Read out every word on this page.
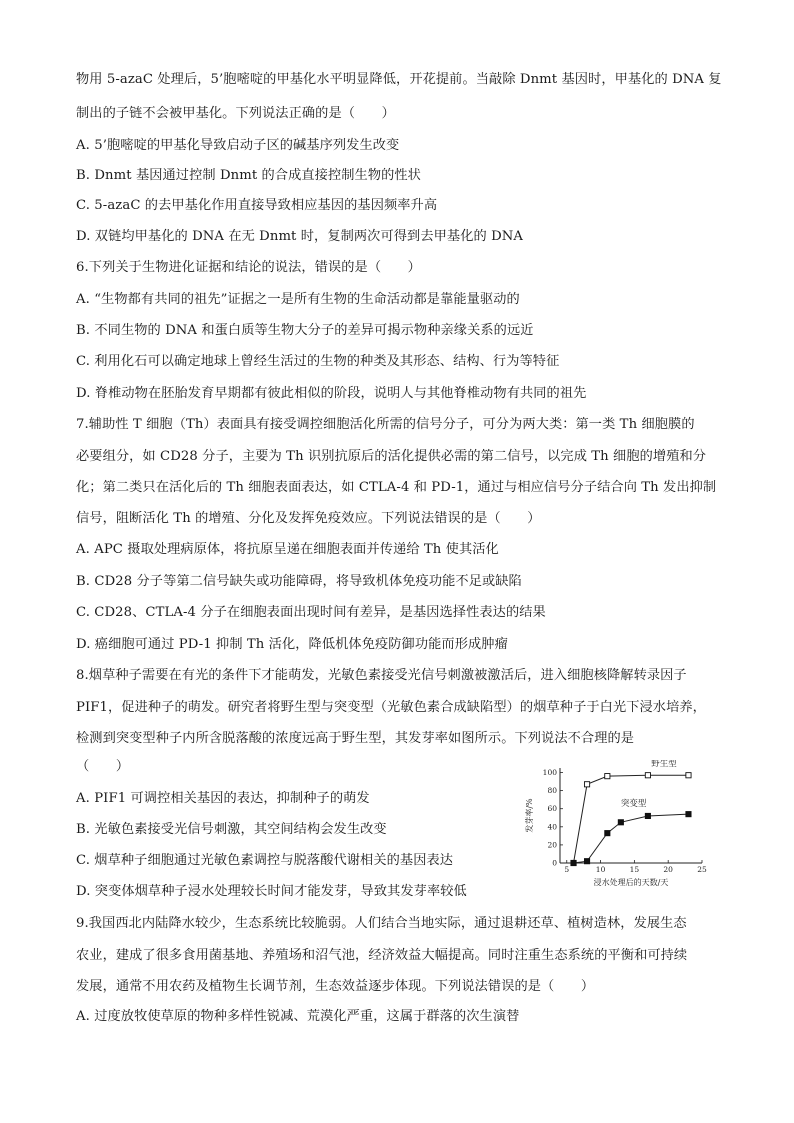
物用 5-azaC 处理后，5’胞嘧啶的甲基化水平明显降低，开花提前。当敲除 Dnmt 基因时，甲基化的 DNA 复
制出的子链不会被甲基化。下列说法正确的是（　　）
A. 5’胞嘧啶的甲基化导致启动子区的碱基序列发生改变
B. Dnmt 基因通过控制 Dnmt 的合成直接控制生物的性状
C. 5-azaC 的去甲基化作用直接导致相应基因的基因频率升高
D. 双链均甲基化的 DNA 在无 Dnmt 时，复制两次可得到去甲基化的 DNA
6.下列关于生物进化证据和结论的说法，错误的是（　　）
A. “生物都有共同的祖先”证据之一是所有生物的生命活动都是靠能量驱动的
B. 不同生物的 DNA 和蛋白质等生物大分子的差异可揭示物种亲缘关系的远近
C. 利用化石可以确定地球上曾经生活过的生物的种类及其形态、结构、行为等特征
D. 脊椎动物在胚胎发育早期都有彼此相似的阶段，说明人与其他脊椎动物有共同的祖先
7.辅助性 T 细胞（Th）表面具有接受调控细胞活化所需的信号分子，可分为两大类：第一类 Th 细胞膜的
必要组分，如 CD28 分子，主要为 Th 识别抗原后的活化提供必需的第二信号，以完成 Th 细胞的增殖和分
化；第二类只在活化后的 Th 细胞表面表达，如 CTLA-4 和 PD-1，通过与相应信号分子结合向 Th 发出抑制
信号，阻断活化 Th 的增殖、分化及发挥免疫效应。下列说法错误的是（　　）
A. APC 摄取处理病原体，将抗原呈递在细胞表面并传递给 Th 使其活化
B. CD28 分子等第二信号缺失或功能障碍，将导致机体免疫功能不足或缺陷
C. CD28、CTLA-4 分子在细胞表面出现时间有差异，是基因选择性表达的结果
D. 癌细胞可通过 PD-1 抑制 Th 活化，降低机体免疫防御功能而形成肿瘤
8.烟草种子需要在有光的条件下才能萌发，光敏色素接受光信号刺激被激活后，进入细胞核降解转录因子
PIF1，促进种子的萌发。研究者将野生型与突变型（光敏色素合成缺陷型）的烟草种子于白光下浸水培养，
检测到突变型种子内所含脱落酸的浓度远高于野生型，其发芽率如图所示。下列说法不合理的是
（　　）
A. PIF1 可调控相关基因的表达，抑制种子的萌发
B. 光敏色素接受光信号刺激，其空间结构会发生改变
C. 烟草种子细胞通过光敏色素调控与脱落酸代谢相关的基因表达
D. 突变体烟草种子浸水处理较长时间才能发芽，导致其发芽率较低
9.我国西北内陆降水较少，生态系统比较脆弱。人们结合当地实际，通过退耕还草、植树造林，发展生态
农业，建成了很多食用菌基地、养殖场和沼气池，经济效益大幅提高。同时注重生态系统的平衡和可持续
发展，通常不用农药及植物生长调节剂，生态效益逐步体现。下列说法错误的是（　　）
A. 过度放牧使草原的物种多样性锐减、荒漠化严重，这属于群落的次生演替
5	10	15	20	25
0
20
40
60
80
100
野生型
突变型
浸水处理后的天数/天
发芽率/%
